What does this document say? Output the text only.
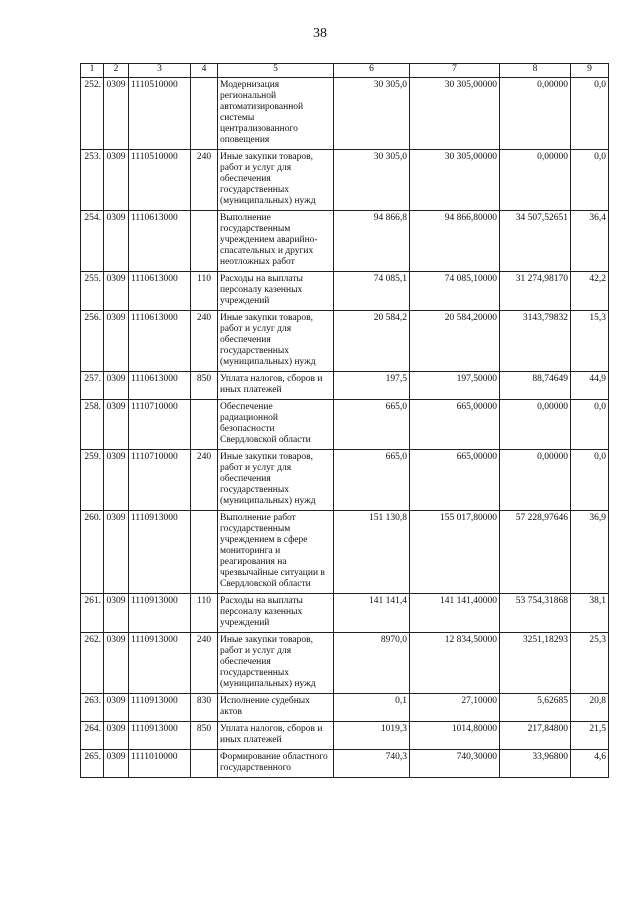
38
1	2	3	4	5	6	7	8	9
252.	0309	1110510000		Модернизация региональной автоматизированной системы централизованного оповещения	30 305,0	30 305,00000	0,00000	0,0
253.	0309	1110510000	240	Иные закупки товаров, работ и услуг для обеспечения государственных (муниципальных) нужд	30 305,0	30 305,00000	0,00000	0,0
254.	0309	1110613000		Выполнение государственным учреждением аварийно-спасательных и других неотложных работ	94 866,8	94 866,80000	34 507,52651	36,4
255.	0309	1110613000	110	Расходы на выплаты персоналу казенных учреждений	74 085,1	74 085,10000	31 274,98170	42,2
256.	0309	1110613000	240	Иные закупки товаров, работ и услуг для обеспечения государственных (муниципальных) нужд	20 584,2	20 584,20000	3143,79832	15,3
257.	0309	1110613000	850	Уплата налогов, сборов и иных платежей	197,5	197,50000	88,74649	44,9
258.	0309	1110710000		Обеспечение радиационной безопасности Свердловской области	665,0	665,00000	0,00000	0,0
259.	0309	1110710000	240	Иные закупки товаров, работ и услуг для обеспечения государственных (муниципальных) нужд	665,0	665,00000	0,00000	0,0
260.	0309	1110913000		Выполнение работ государственным учреждением в сфере мониторинга и реагирования на чрезвычайные ситуации в Свердловской области	151 130,8	155 017,80000	57 228,97646	36,9
261.	0309	1110913000	110	Расходы на выплаты персоналу казенных учреждений	141 141,4	141 141,40000	53 754,31868	38,1
262.	0309	1110913000	240	Иные закупки товаров, работ и услуг для обеспечения государственных (муниципальных) нужд	8970,0	12 834,50000	3251,18293	25,3
263.	0309	1110913000	830	Исполнение судебных актов	0,1	27,10000	5,62685	20,8
264.	0309	1110913000	850	Уплата налогов, сборов и иных платежей	1019,3	1014,80000	217,84800	21,5
265.	0309	1111010000		Формирование областного государственного	740,3	740,30000	33,96800	4,6
